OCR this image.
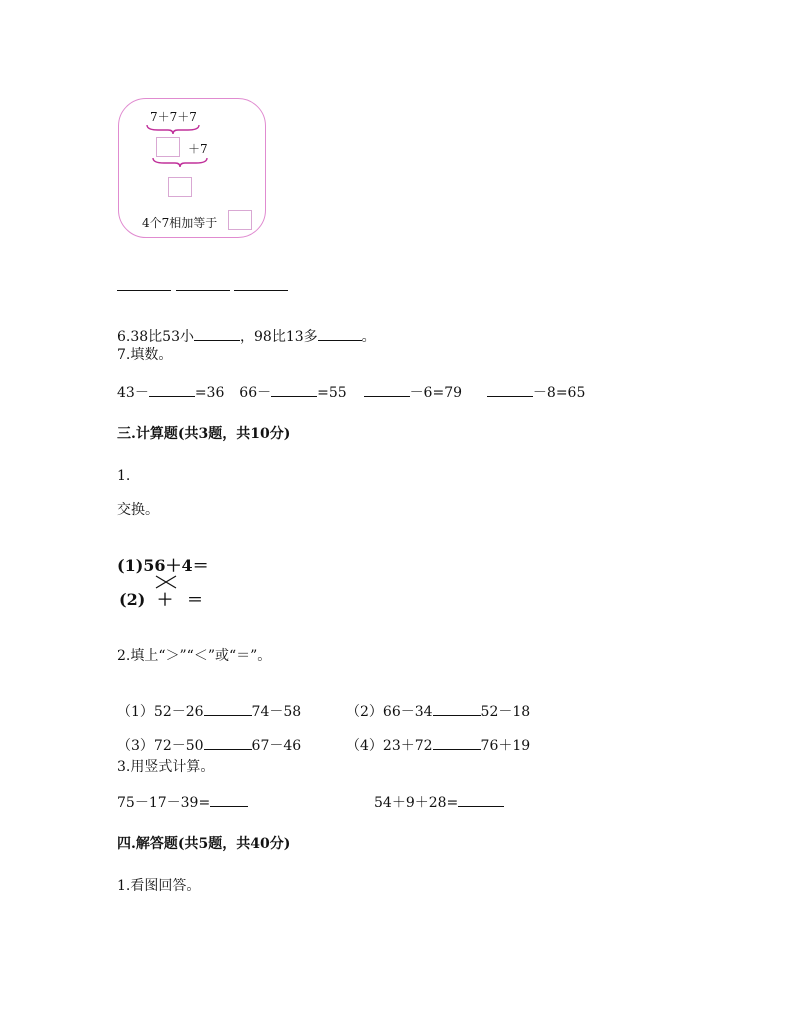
7＋7＋7
＋7
4个7相加等于
6.38比53小	，98比13多	。
7.填数。
43－	=36 66－	=55	－6=79	－8=65
三.计算题(共3题，共10分)
1.
交换。
(1)56＋4＝
(2) ＋ ＝
2.填上“＞”“＜”或“＝”。
（1）52－26	74－58	（2）66－34	52－18
（3）72－50	67－46	（4）23＋72	76＋19
3.用竖式计算。
75－17－39=	54＋9＋28=
四.解答题(共5题，共40分)
1.看图回答。
